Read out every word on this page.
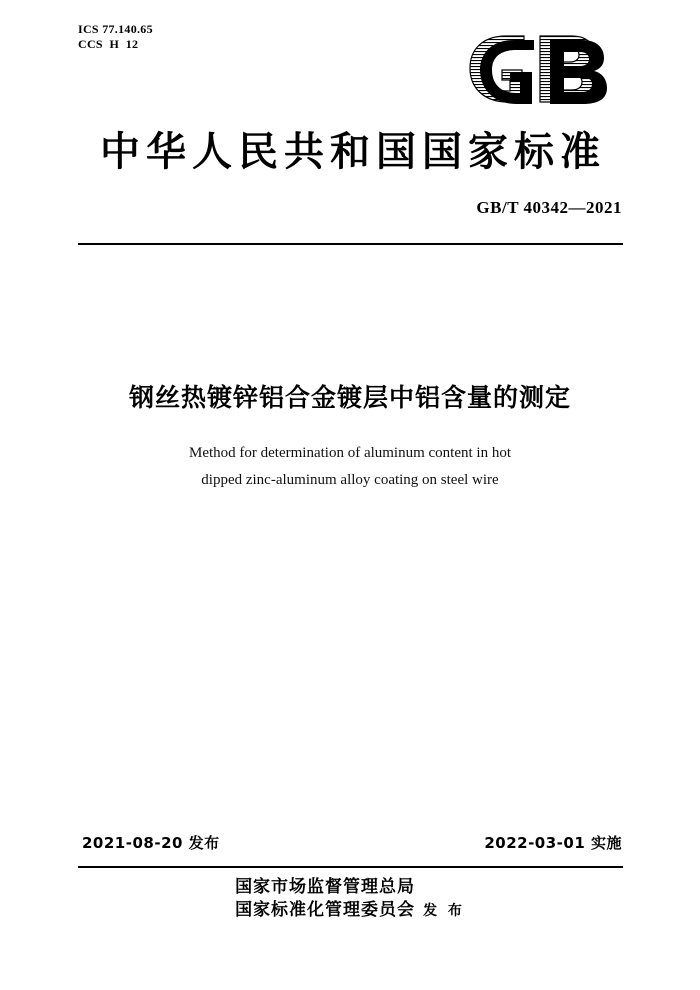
ICS 77.140.65
CCS  H  12
中华人民共和国国家标准
GB/T 40342—2021
钢丝热镀锌铝合金镀层中铝含量的测定
Method for determination of aluminum content in hot
dipped zinc-aluminum alloy coating on steel wire
2021-08-20 发布	2022-03-01 实施
国家市场监督管理总局
国家标准化管理委员会 发 布
